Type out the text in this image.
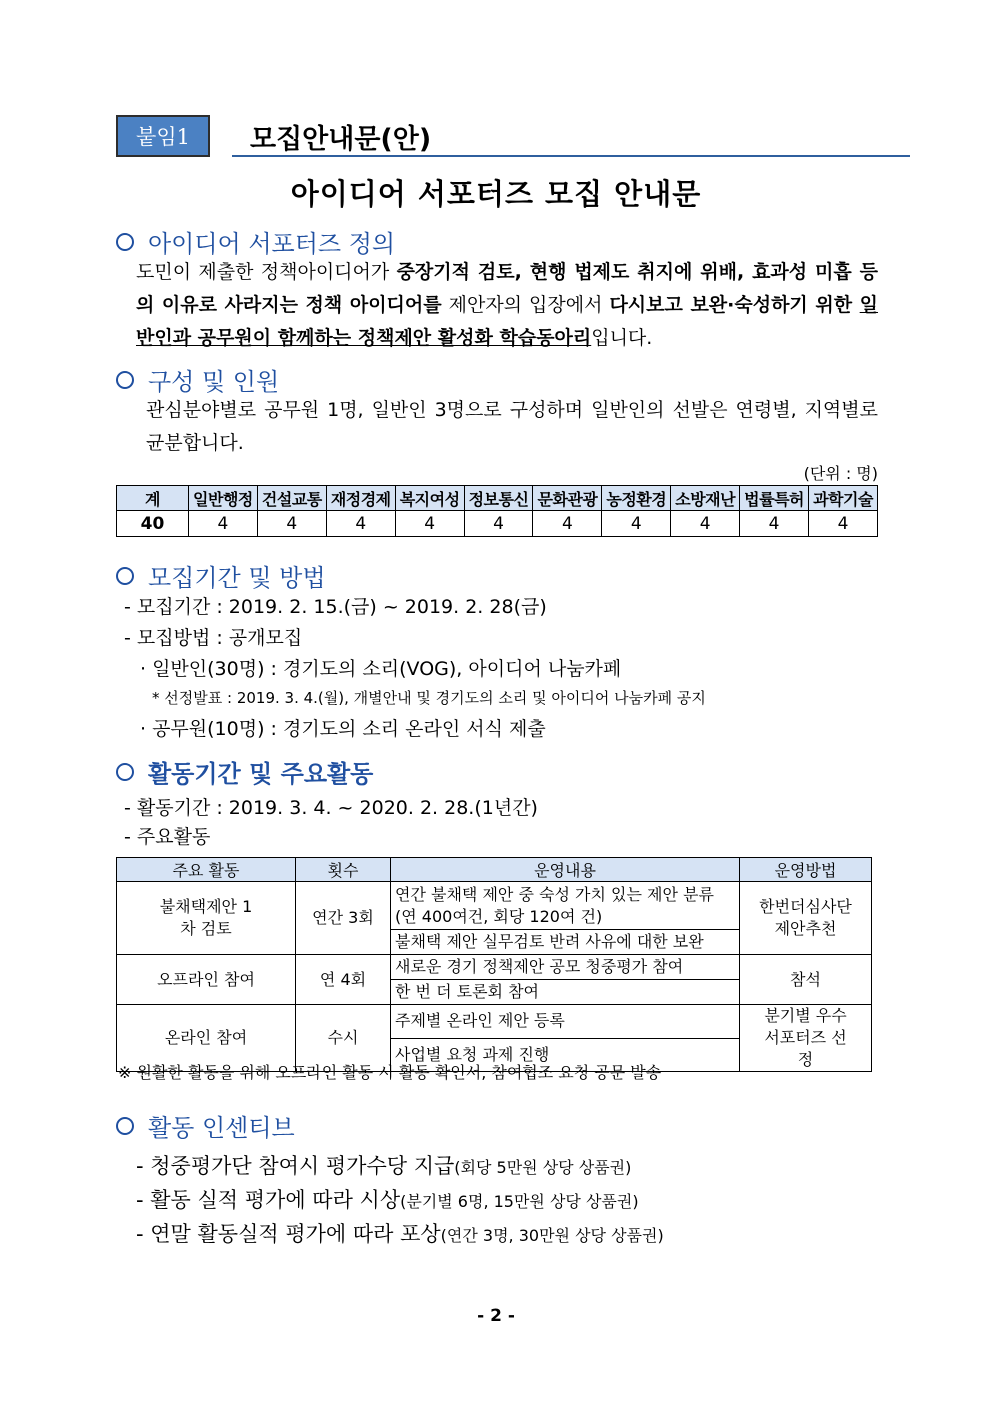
붙임1	모집안내문(안)
아이디어 서포터즈 모집 안내문
아이디어 서포터즈 정의
도민이 제출한 정책아이디어가 중장기적 검토, 현행 법제도 취지에 위배, 효과성 미흡 등의 이유로 사라지는 정책 아이디어를 제안자의 입장에서 다시보고 보완·숙성하기 위한 일반인과 공무원이 함께하는 정책제안 활성화 학습동아리입니다.
구성 및 인원
관심분야별로 공무원 1명, 일반인 3명으로 구성하며 일반인의 선발은 연령별, 지역별로 균분합니다.
(단위 : 명)
계	일반행정	건설교통	재정경제	복지여성	정보통신	문화관광	농정환경	소방재난	법률특허	과학기술
40	4	4	4	4	4	4	4	4	4	4
모집기간 및 방법
- 모집기간 : 2019. 2. 15.(금) ~ 2019. 2. 28(금)
- 모집방법 : 공개모집
· 일반인(30명) : 경기도의 소리(VOG), 아이디어 나눔카페
* 선정발표 : 2019. 3. 4.(월), 개별안내 및 경기도의 소리 및 아이디어 나눔카페 공지
· 공무원(10명) : 경기도의 소리 온라인 서식 제출
활동기간 및 주요활동
- 활동기간 : 2019. 3. 4. ~ 2020. 2. 28.(1년간)
- 주요활동
주요 활동	횟수	운영내용	운영방법
불채택제안 1차 검토	연간 3회	연간 불채택 제안 중 숙성 가치 있는 제안 분류 (연 400여건, 회당 120여 건)	한번더심사단 제안추천
		불채택 제안 실무검토 반려 사유에 대한 보완	
오프라인 참여	연 4회	새로운 경기 정책제안 공모 청중평가 참여	참석
		한 번 더 토론회 참여	
온라인 참여	수시	주제별 온라인 제안 등록	분기별 우수 서포터즈 선정
		사업별 요청 과제 진행	
※ 원활한 활동을 위해 오프라인 활동 시 활동 확인서, 참여협조 요청 공문 발송
활동 인센티브
- 청중평가단 참여시 평가수당 지급(회당 5만원 상당 상품권)
- 활동 실적 평가에 따라 시상(분기별 6명, 15만원 상당 상품권)
- 연말 활동실적 평가에 따라 포상(연간 3명, 30만원 상당 상품권)
- 2 -
